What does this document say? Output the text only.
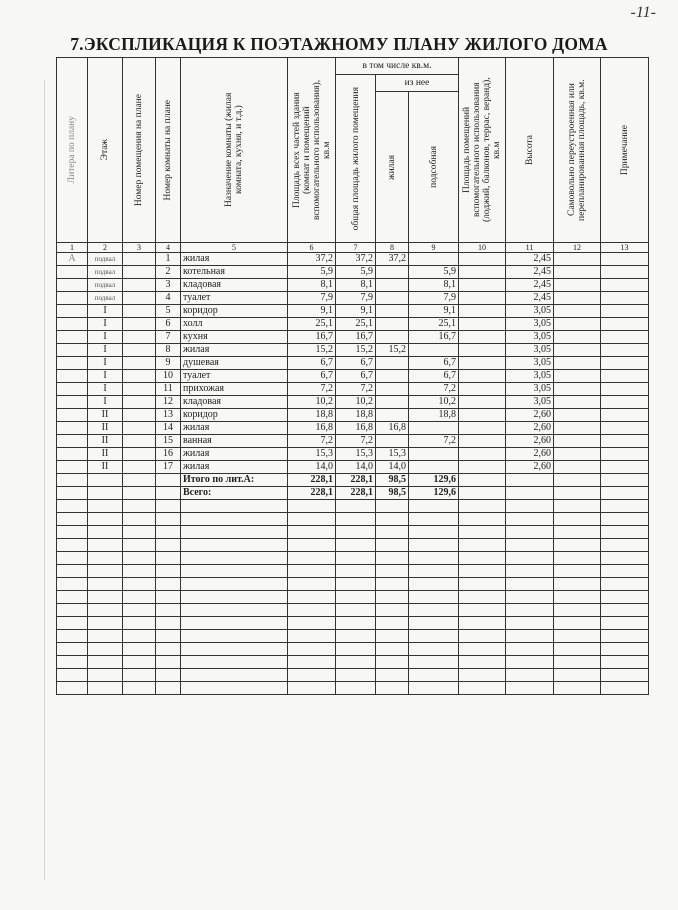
-11-
7.ЭКСПЛИКАЦИЯ К ПОЭТАЖНОМУ ПЛАНУ ЖИЛОГО ДОМА
Литера по плану	Этаж	Номер помещения на плане	Номер комнаты на плане	Назначение комнаты (жилая комната, кухня, и т.д.)	Площадь всех частей здания (комнат и помещений вспомогательного использования), кв.м	в том числе кв.м.			Площадь помещений вспомогательного использования (лоджий, балконов, террас, веранд), кв.м	Высота	Самовольно переустроенная или перепланированная площадь, кв.м.	Примечание

						общая площадь жилого помещения	из нее					

							жилая	подсобная				

1	2	3	4	5	6	7	8	9	10	11	12	13
А	подвал		1	жилая	37,2	37,2	37,2			2,45		
	подвал		2	котельная	5,9	5,9		5,9		2,45		
	подвал		3	кладовая	8,1	8,1		8,1		2,45		
	подвал		4	туалет	7,9	7,9		7,9		2,45		
	I		5	коридор	9,1	9,1		9,1		3,05		
	I		6	холл	25,1	25,1		25,1		3,05		
	I		7	кухня	16,7	16,7		16,7		3,05		
	I		8	жилая	15,2	15,2	15,2			3,05		
	I		9	душевая	6,7	6,7		6,7		3,05		
	I		10	туалет	6,7	6,7		6,7		3,05		
	I		11	прихожая	7,2	7,2		7,2		3,05		
	I		12	кладовая	10,2	10,2		10,2		3,05		
	II		13	коридор	18,8	18,8		18,8		2,60		
	II		14	жилая	16,8	16,8	16,8			2,60		
	II		15	ванная	7,2	7,2		7,2		2,60		
	II		16	жилая	15,3	15,3	15,3			2,60		
	II		17	жилая	14,0	14,0	14,0			2,60		
				Итого по лит.А:	228,1	228,1	98,5	129,6				
				Всего:	228,1	228,1	98,5	129,6				
